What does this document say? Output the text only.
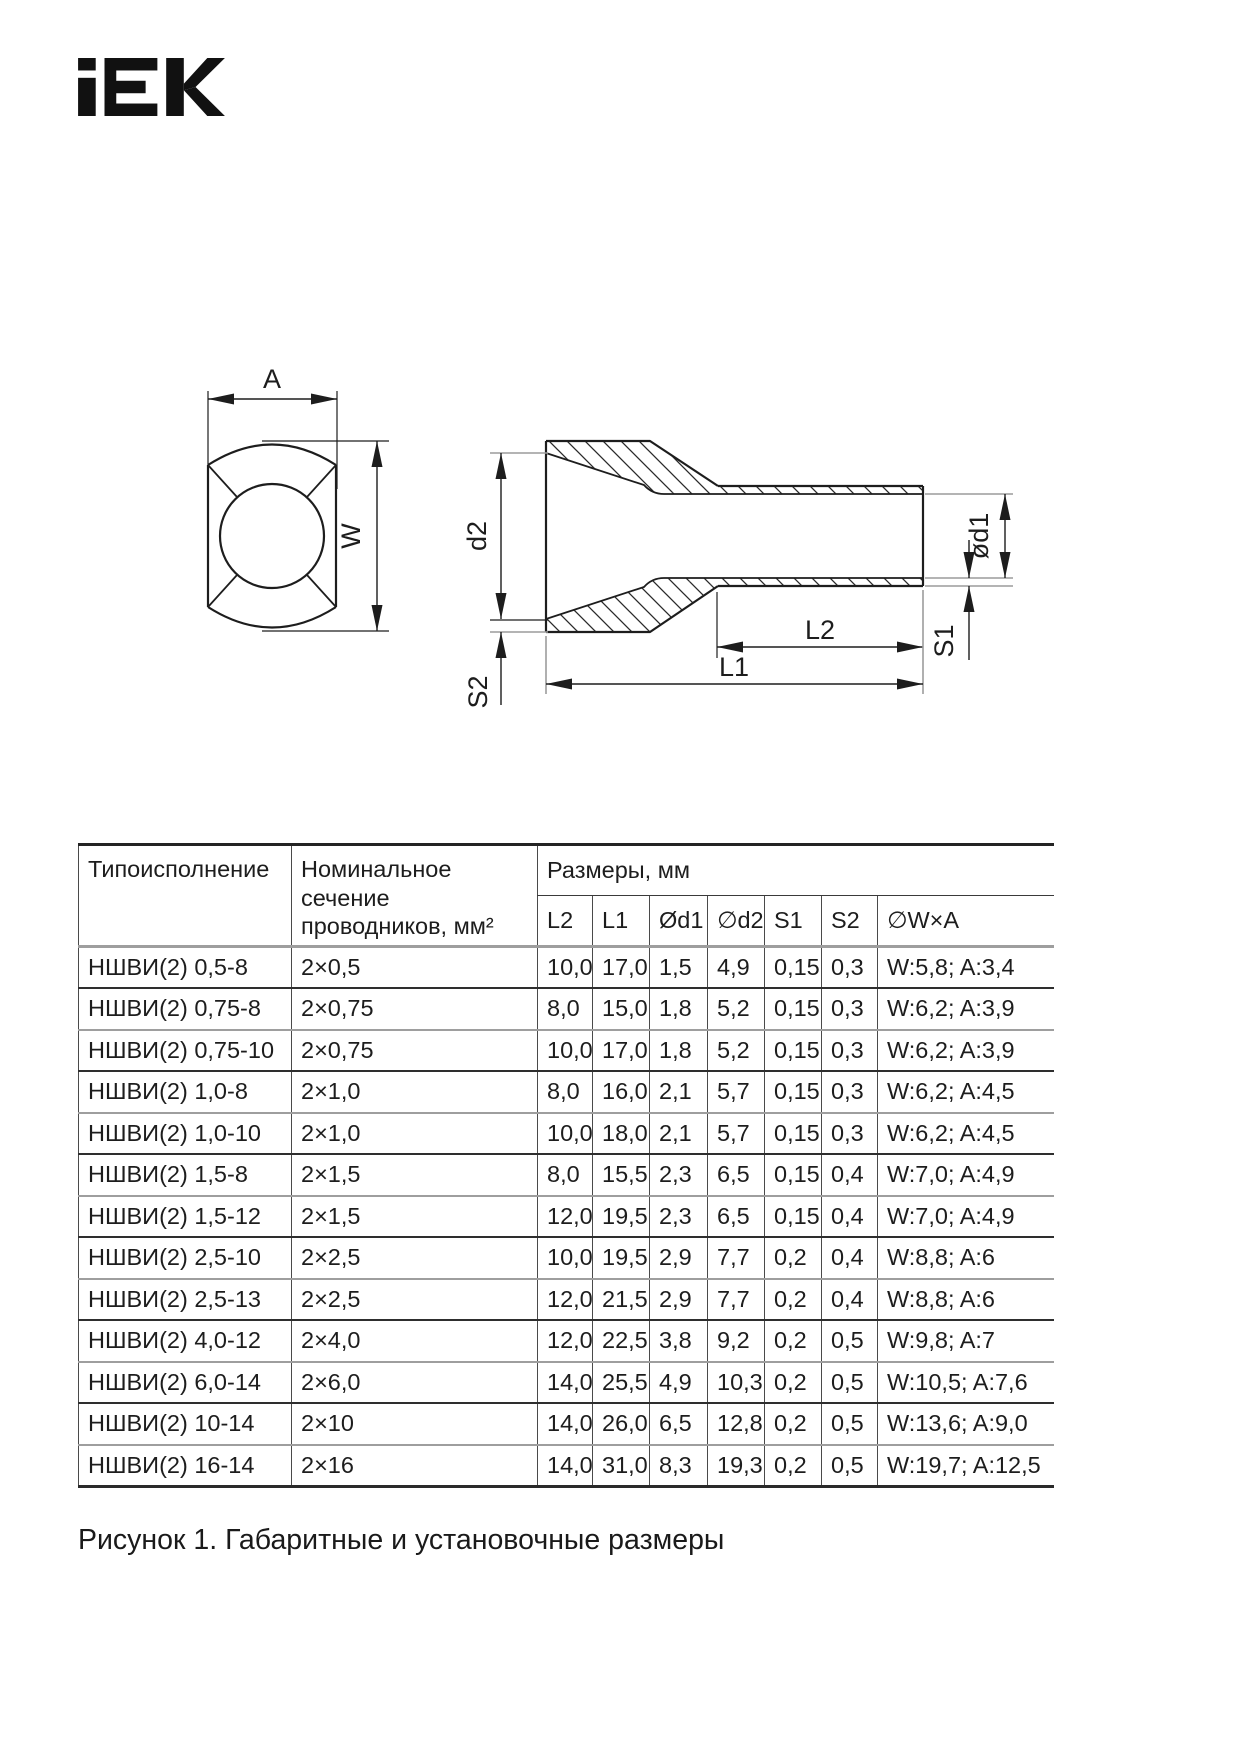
A
W	d2
S2
L2
L1
S1
ød1
Типоисполнение	Номинальное сечение проводников, мм²	Размеры, мм						
		L2	L1	Ød1	∅d2	S1	S2	∅W×A
НШВИ(2) 0,5-8	2×0,5	10,0	17,0	1,5	4,9	0,15	0,3	W:5,8; A:3,4
НШВИ(2) 0,75-8	2×0,75	8,0	15,0	1,8	5,2	0,15	0,3	W:6,2; A:3,9
НШВИ(2) 0,75-10	2×0,75	10,0	17,0	1,8	5,2	0,15	0,3	W:6,2; A:3,9
НШВИ(2) 1,0-8	2×1,0	8,0	16,0	2,1	5,7	0,15	0,3	W:6,2; A:4,5
НШВИ(2) 1,0-10	2×1,0	10,0	18,0	2,1	5,7	0,15	0,3	W:6,2; A:4,5
НШВИ(2) 1,5-8	2×1,5	8,0	15,5	2,3	6,5	0,15	0,4	W:7,0; A:4,9
НШВИ(2) 1,5-12	2×1,5	12,0	19,5	2,3	6,5	0,15	0,4	W:7,0; A:4,9
НШВИ(2) 2,5-10	2×2,5	10,0	19,5	2,9	7,7	0,2	0,4	W:8,8; A:6
НШВИ(2) 2,5-13	2×2,5	12,0	21,5	2,9	7,7	0,2	0,4	W:8,8; A:6
НШВИ(2) 4,0-12	2×4,0	12,0	22,5	3,8	9,2	0,2	0,5	W:9,8; A:7
НШВИ(2) 6,0-14	2×6,0	14,0	25,5	4,9	10,3	0,2	0,5	W:10,5; A:7,6
НШВИ(2) 10-14	2×10	14,0	26,0	6,5	12,8	0,2	0,5	W:13,6; A:9,0
НШВИ(2) 16-14	2×16	14,0	31,0	8,3	19,3	0,2	0,5	W:19,7; A:12,5
Рисунок 1. Габаритные и установочные размеры
